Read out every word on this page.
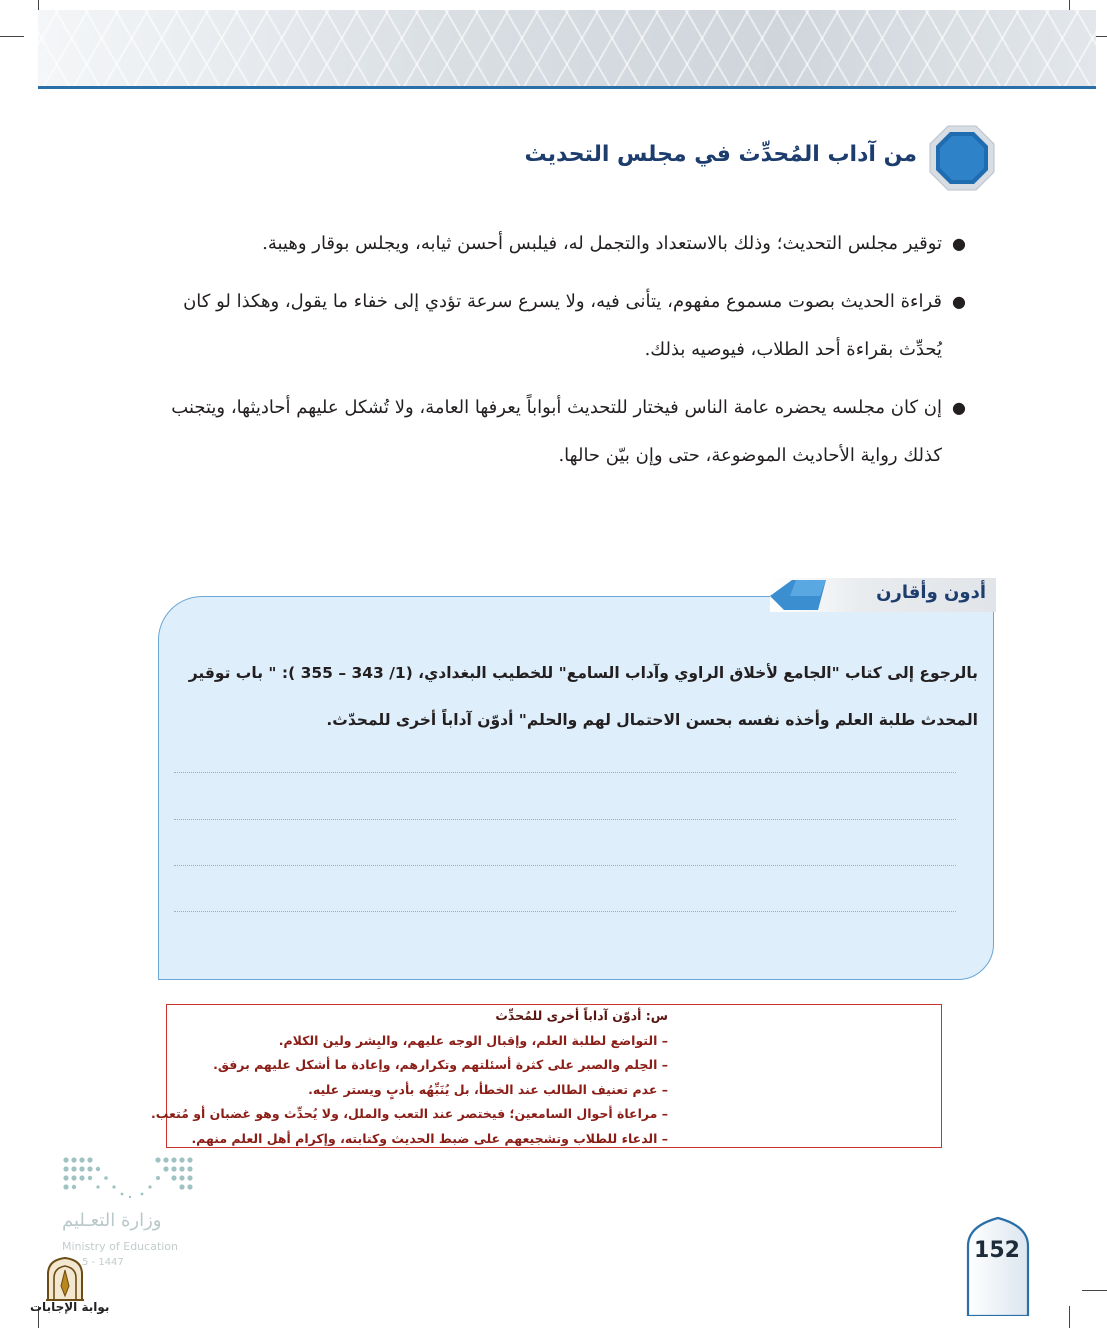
من آداب المُحدِّث في مجلس التحديث
●
توقير مجلس التحديث؛ وذلك بالاستعداد والتجمل له، فيلبس أحسن ثيابه، ويجلس بوقار وهيبة.
●
قراءة الحديث بصوت مسموع مفهوم، يتأنى فيه، ولا يسرع سرعة تؤدي إلى خفاء ما يقول، وهكذا لو كان يُحدِّث بقراءة أحد الطلاب، فيوصيه بذلك.
●
إن كان مجلسه يحضره عامة الناس فيختار للتحديث أبواباً يعرفها العامة، ولا تُشكل عليهم أحاديثها، ويتجنب كذلك رواية الأحاديث الموضوعة، حتى وإن بيّن حالها.
أدون وأقارن
بالرجوع إلى كتاب "الجامع لأخلاق الراوي وآداب السامع" للخطيب البغدادي، (1/ 343 – 355 ): " باب توقير
المحدث طلبة العلم وأخذه نفسه بحسن الاحتمال لهم والحلم" أدوّن آداباً أخرى للمحدّث.
س: أدوّن آداباً أخرى للمُحدِّث
– التواضع لطلبة العلم، وإقبال الوجه عليهم، والبِشر ولين الكلام.
– الحِلم والصبر على كثرة أسئلتهم وتكرارهم، وإعادة ما أشكل عليهم برفق.
– عدم تعنيف الطالب عند الخطأ، بل يُنَبِّهُه بأدبٍ ويستر عليه.
– مراعاة أحوال السامعين؛ فيختصر عند التعب والملل، ولا يُحدِّث وهو غضبان أو مُتعب.
– الدعاء للطلاب وتشجيعهم على ضبط الحديث وكتابته، وإكرام أهل العلم منهم.
وزارة التعـليم
Ministry of Education
5 - 1447
بوابة الإجابات
152
